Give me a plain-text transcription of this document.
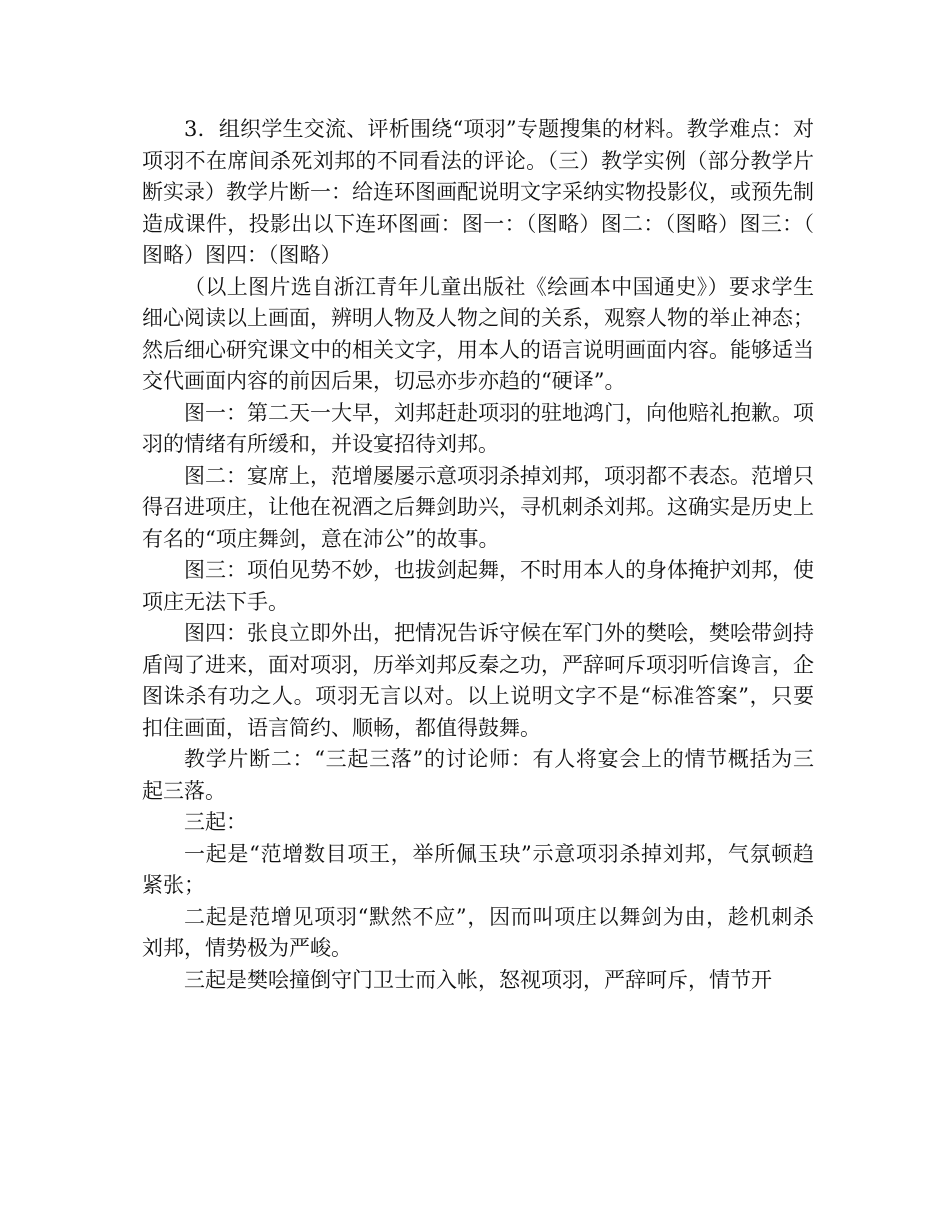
3．组织学生交流、评析围绕“项羽”专题搜集的材料。教学难点：对项羽不在席间杀死刘邦的不同看法的评论。（三）教学实例（部分教学片断实录）教学片断一：给连环图画配说明文字采纳实物投影仪，或预先制造成课件，投影出以下连环图画：图一：（图略）图二：（图略）图三：（图略）图四：（图略）

（以上图片选自浙江青年儿童出版社《绘画本中国通史》）要求学生细心阅读以上画面，辨明人物及人物之间的关系，观察人物的举止神态；然后细心研究课文中的相关文字，用本人的语言说明画面内容。能够适当交代画面内容的前因后果，切忌亦步亦趋的“硬译”。

图一：第二天一大早，刘邦赶赴项羽的驻地鸿门，向他赔礼抱歉。项羽的情绪有所缓和，并设宴招待刘邦。

图二：宴席上，范增屡屡示意项羽杀掉刘邦，项羽都不表态。范增只得召进项庄，让他在祝酒之后舞剑助兴，寻机刺杀刘邦。这确实是历史上有名的“项庄舞剑，意在沛公”的故事。

图三：项伯见势不妙，也拔剑起舞，不时用本人的身体掩护刘邦，使项庄无法下手。

图四：张良立即外出，把情况告诉守候在军门外的樊哙，樊哙带剑持盾闯了进来，面对项羽，历举刘邦反秦之功，严辞呵斥项羽听信谗言，企图诛杀有功之人。项羽无言以对。以上说明文字不是“标准答案”，只要扣住画面，语言简约、顺畅，都值得鼓舞。

教学片断二：“三起三落”的讨论师：有人将宴会上的情节概括为三起三落。

三起：

一起是“范增数目项王，举所佩玉玦”示意项羽杀掉刘邦，气氛顿趋紧张；

二起是范增见项羽“默然不应”，因而叫项庄以舞剑为由，趁机刺杀刘邦，情势极为严峻。

三起是樊哙撞倒守门卫士而入帐，怒视项羽，严辞呵斥，情节开
